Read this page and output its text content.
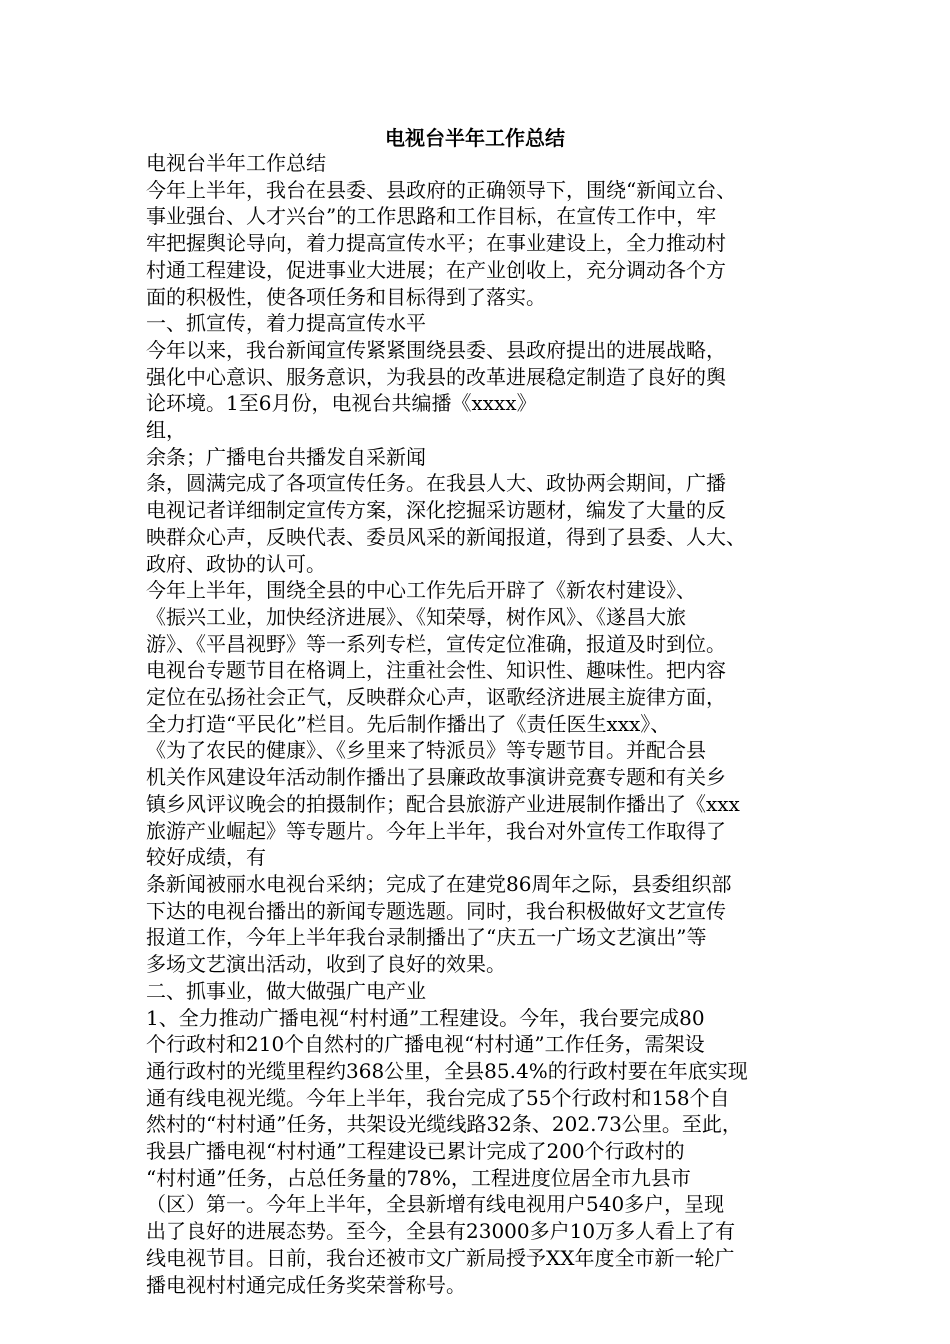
电视台半年工作总结

电视台半年工作总结

今年上半年，我台在县委、县政府的正确领导下，围绕“新闻立台、
事业强台、人才兴台”的工作思路和工作目标，在宣传工作中，牢
牢把握舆论导向，着力提高宣传水平；在事业建设上，全力推动村
村通工程建设，促进事业大进展；在产业创收上，充分调动各个方
面的积极性，使各项任务和目标得到了落实。

一、抓宣传，着力提高宣传水平

今年以来，我台新闻宣传紧紧围绕县委、县政府提出的进展战略，
强化中心意识、服务意识，为我县的改革进展稳定制造了良好的舆
论环境。1至6月份，电视台共编播《xxxx》

组，

余条；广播电台共播发自采新闻

条，圆满完成了各项宣传任务。在我县人大、政协两会期间，广播
电视记者详细制定宣传方案，深化挖掘采访题材，编发了大量的反
映群众心声，反映代表、委员风采的新闻报道，得到了县委、人大、
政府、政协的认可。

今年上半年，围绕全县的中心工作先后开辟了《新农村建设》、
《振兴工业，加快经济进展》、《知荣辱，树作风》、《遂昌大旅
游》、《平昌视野》等一系列专栏，宣传定位准确，报道及时到位。
电视台专题节目在格调上，注重社会性、知识性、趣味性。把内容
定位在弘扬社会正气，反映群众心声，讴歌经济进展主旋律方面，
全力打造“平民化”栏目。先后制作播出了《责任医生xxx》、
《为了农民的健康》、《乡里来了特派员》等专题节目。并配合县
机关作风建设年活动制作播出了县廉政故事演讲竞赛专题和有关乡
镇乡风评议晚会的拍摄制作；配合县旅游产业进展制作播出了《xxx
旅游产业崛起》等专题片。今年上半年，我台对外宣传工作取得了
较好成绩，有

条新闻被丽水电视台采纳；完成了在建党86周年之际，县委组织部
下达的电视台播出的新闻专题选题。同时，我台积极做好文艺宣传
报道工作，今年上半年我台录制播出了“庆五一广场文艺演出”等
多场文艺演出活动，收到了良好的效果。

二、抓事业，做大做强广电产业

1、全力推动广播电视“村村通”工程建设。今年，我台要完成80
个行政村和210个自然村的广播电视“村村通”工作任务，需架设
通行政村的光缆里程约368公里，全县85.4%的行政村要在年底实现
通有线电视光缆。今年上半年，我台完成了55个行政村和158个自
然村的“村村通”任务，共架设光缆线路32条、202.73公里。至此，
我县广播电视“村村通”工程建设已累计完成了200个行政村的
“村村通”任务，占总任务量的78%，工程进度位居全市九县市
（区）第一。今年上半年，全县新增有线电视用户540多户，呈现
出了良好的进展态势。至今，全县有23000多户10万多人看上了有
线电视节目。日前，我台还被市文广新局授予XX年度全市新一轮广
播电视村村通完成任务奖荣誉称号。
